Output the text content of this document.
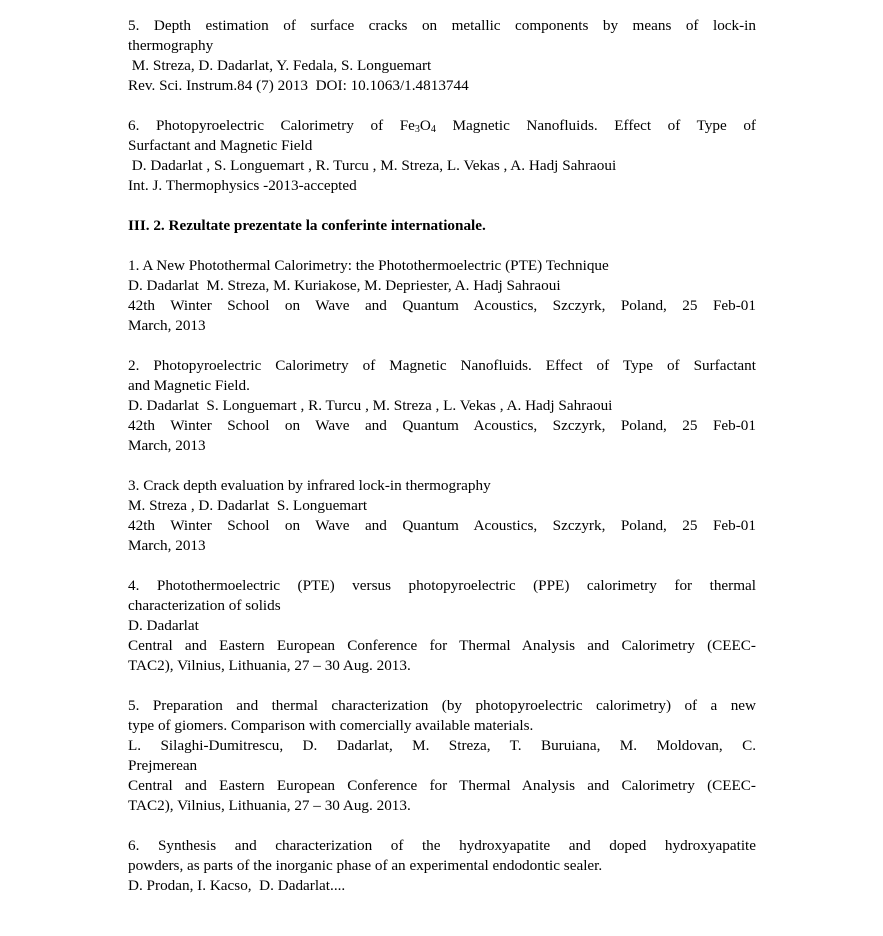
5. Depth estimation of surface cracks on metallic components by means of lock-in
thermography
M. Streza, D. Dadarlat, Y. Fedala, S. Longuemart
Rev. Sci. Instrum.84 (7) 2013  DOI: 10.1063/1.4813744
6. Photopyroelectric Calorimetry of $Fe_3O_4$ Magnetic Nanofluids. Effect of Type of
Surfactant and Magnetic Field
D. Dadarlat , S. Longuemart , R. Turcu , M. Streza, L. Vekas , A. Hadj Sahraoui
Int. J. Thermophysics -2013-accepted
III. 2. Rezultate prezentate la conferinte internationale.
1. A New Photothermal Calorimetry: the Photothermoelectric (PTE) Technique
D. Dadarlat  M. Streza, M. Kuriakose, M. Depriester, A. Hadj Sahraoui
42th Winter School on Wave and Quantum Acoustics, Szczyrk, Poland, 25 Feb-01
March, 2013
2. Photopyroelectric Calorimetry of Magnetic Nanofluids. Effect of Type of Surfactant
and Magnetic Field.
D. Dadarlat  S. Longuemart , R. Turcu , M. Streza , L. Vekas , A. Hadj Sahraoui
42th Winter School on Wave and Quantum Acoustics, Szczyrk, Poland, 25 Feb-01
March, 2013
3. Crack depth evaluation by infrared lock-in thermography
M. Streza , D. Dadarlat  S. Longuemart
42th Winter School on Wave and Quantum Acoustics, Szczyrk, Poland, 25 Feb-01
March, 2013
4. Photothermoelectric (PTE) versus photopyroelectric (PPE) calorimetry for thermal
characterization of solids
D. Dadarlat
Central and Eastern European Conference for Thermal Analysis and Calorimetry (CEEC-
TAC2), Vilnius, Lithuania, 27 – 30 Aug. 2013.
5. Preparation and thermal characterization (by photopyroelectric calorimetry) of a new
type of giomers. Comparison with comercially available materials.
L. Silaghi-Dumitrescu, D. Dadarlat, M. Streza, T. Buruiana, M. Moldovan, C.
Prejmerean
Central and Eastern European Conference for Thermal Analysis and Calorimetry (CEEC-
TAC2), Vilnius, Lithuania, 27 – 30 Aug. 2013.
6. Synthesis and characterization of the hydroxyapatite and doped hydroxyapatite
powders, as parts of the inorganic phase of an experimental endodontic sealer.
D. Prodan, I. Kacso,  D. Dadarlat....
